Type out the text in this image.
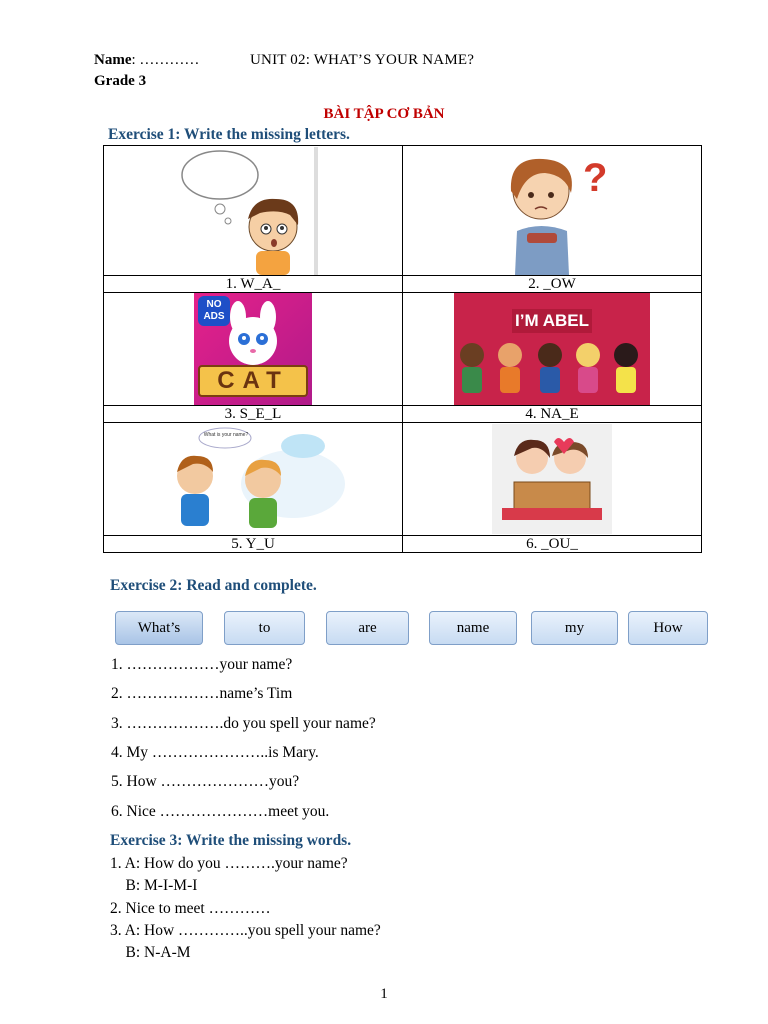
Name: …………	UNIT 02: WHAT’S YOUR NAME?
Grade 3
BÀI TẬP CƠ BẢN
Exercise 1: Write the missing letters.

?

1. W_A_	2. _OW

NO ADS
CAT	I’M ABEL

3. S_E_L	4. NA_E

What is your name?

5. Y_U	6. _OU_
Exercise 2: Read and complete.
What’s	to	are	name	my	How
1. ………………your name?
2. ………………name’s Tim
3. ……………….do you spell your name?
4. My …………………..is Mary.
5. How …………………you?
6. Nice …………………meet you.
Exercise 3: Write the missing words.
1. A: How do you ……….your name?
B: M-I-M-I
2. Nice to meet …………
3. A: How …………..you spell your name?
B: N-A-M
1
